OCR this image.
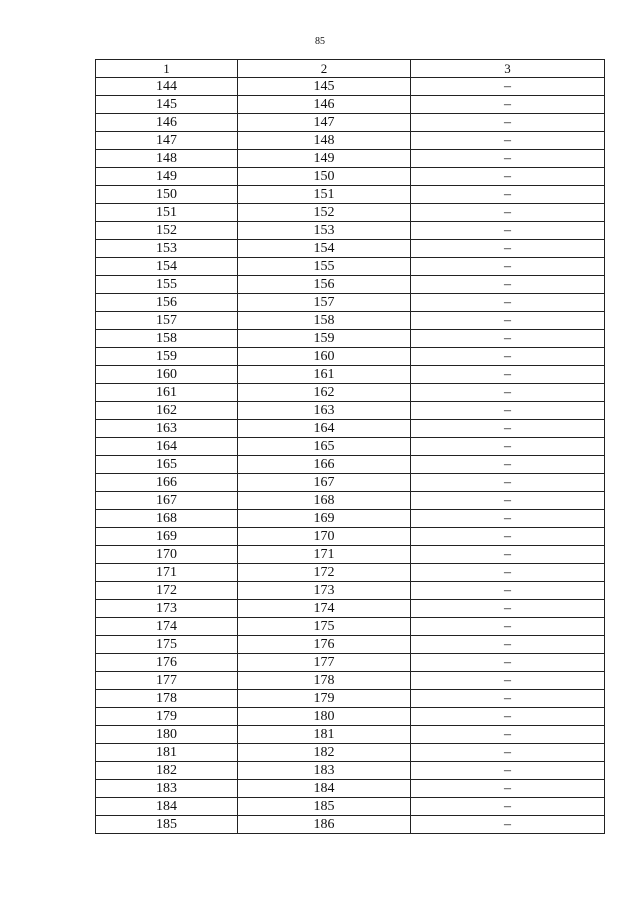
85
1	2	3
144	145	–
145	146	–
146	147	–
147	148	–
148	149	–
149	150	–
150	151	–
151	152	–
152	153	–
153	154	–
154	155	–
155	156	–
156	157	–
157	158	–
158	159	–
159	160	–
160	161	–
161	162	–
162	163	–
163	164	–
164	165	–
165	166	–
166	167	–
167	168	–
168	169	–
169	170	–
170	171	–
171	172	–
172	173	–
173	174	–
174	175	–
175	176	–
176	177	–
177	178	–
178	179	–
179	180	–
180	181	–
181	182	–
182	183	–
183	184	–
184	185	–
185	186	–
